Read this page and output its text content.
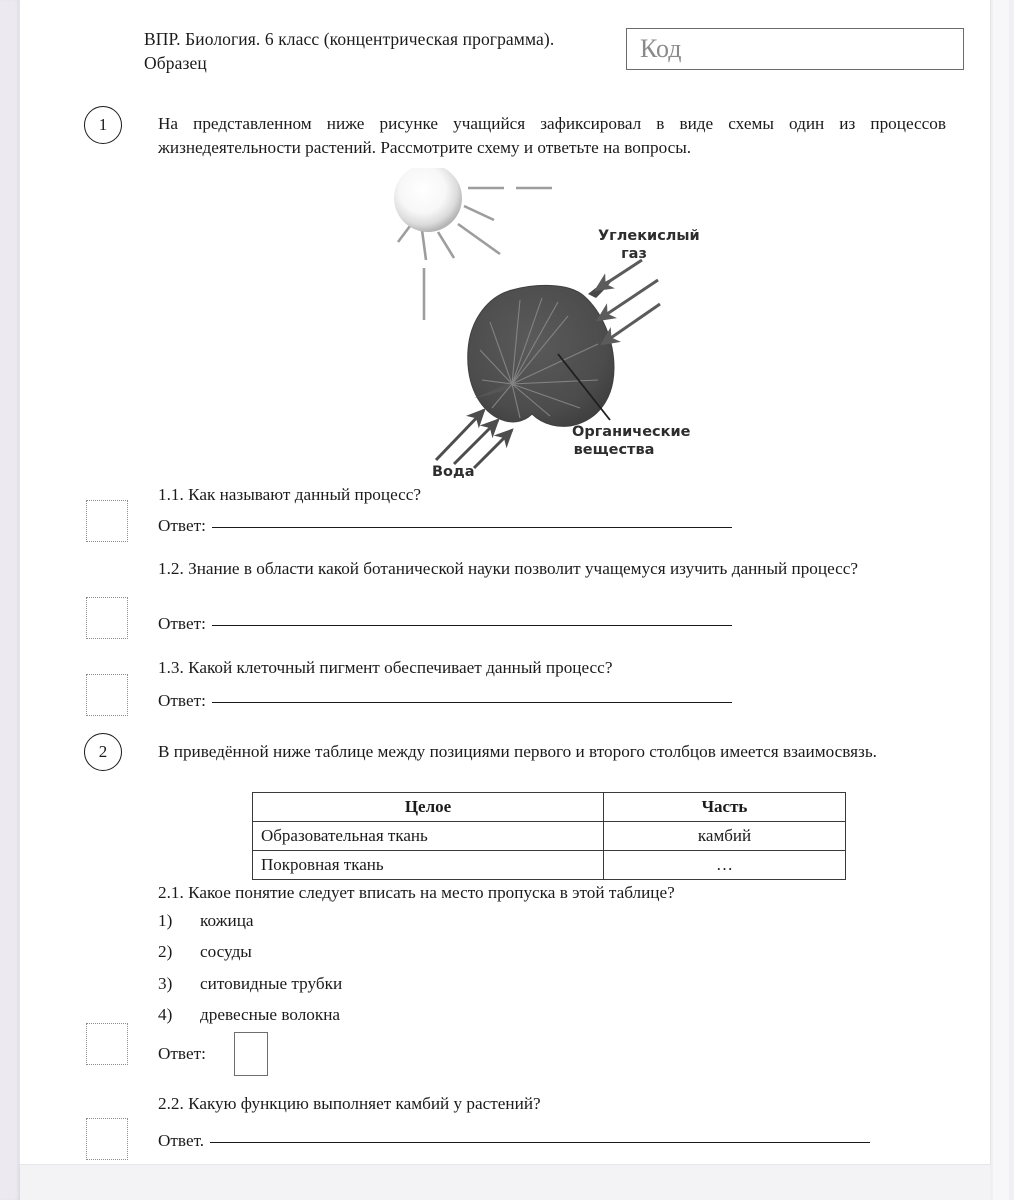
ВПР. Биология. 6 класс (концентрическая программа).
Образец
Код
1	На представленном ниже рисунке учащийся зафиксировал в виде схемы один из процессов жизнедеятельности растений. Рассмотрите схему и ответьте на вопросы.
Углекислый
газ
Органические
вещества
Вода
1.1. Как называют данный процесс?
Ответ:
1.2. Знание в области какой ботанической науки позволит учащемуся изучить данный процесс?
Ответ:
1.3. Какой клеточный пигмент обеспечивает данный процесс?
Ответ:
2	В приведённой ниже таблице между позициями первого и второго столбцов имеется взаимосвязь.
Целое	Часть
Образовательная ткань	камбий
Покровная ткань	…
2.1. Какое понятие следует вписать на место пропуска в этой таблице?
1)	кожица
2)	сосуды
3)	ситовидные трубки
4)	древесные волокна
Ответ:
2.2. Какую функцию выполняет камбий у растений?
Ответ.
